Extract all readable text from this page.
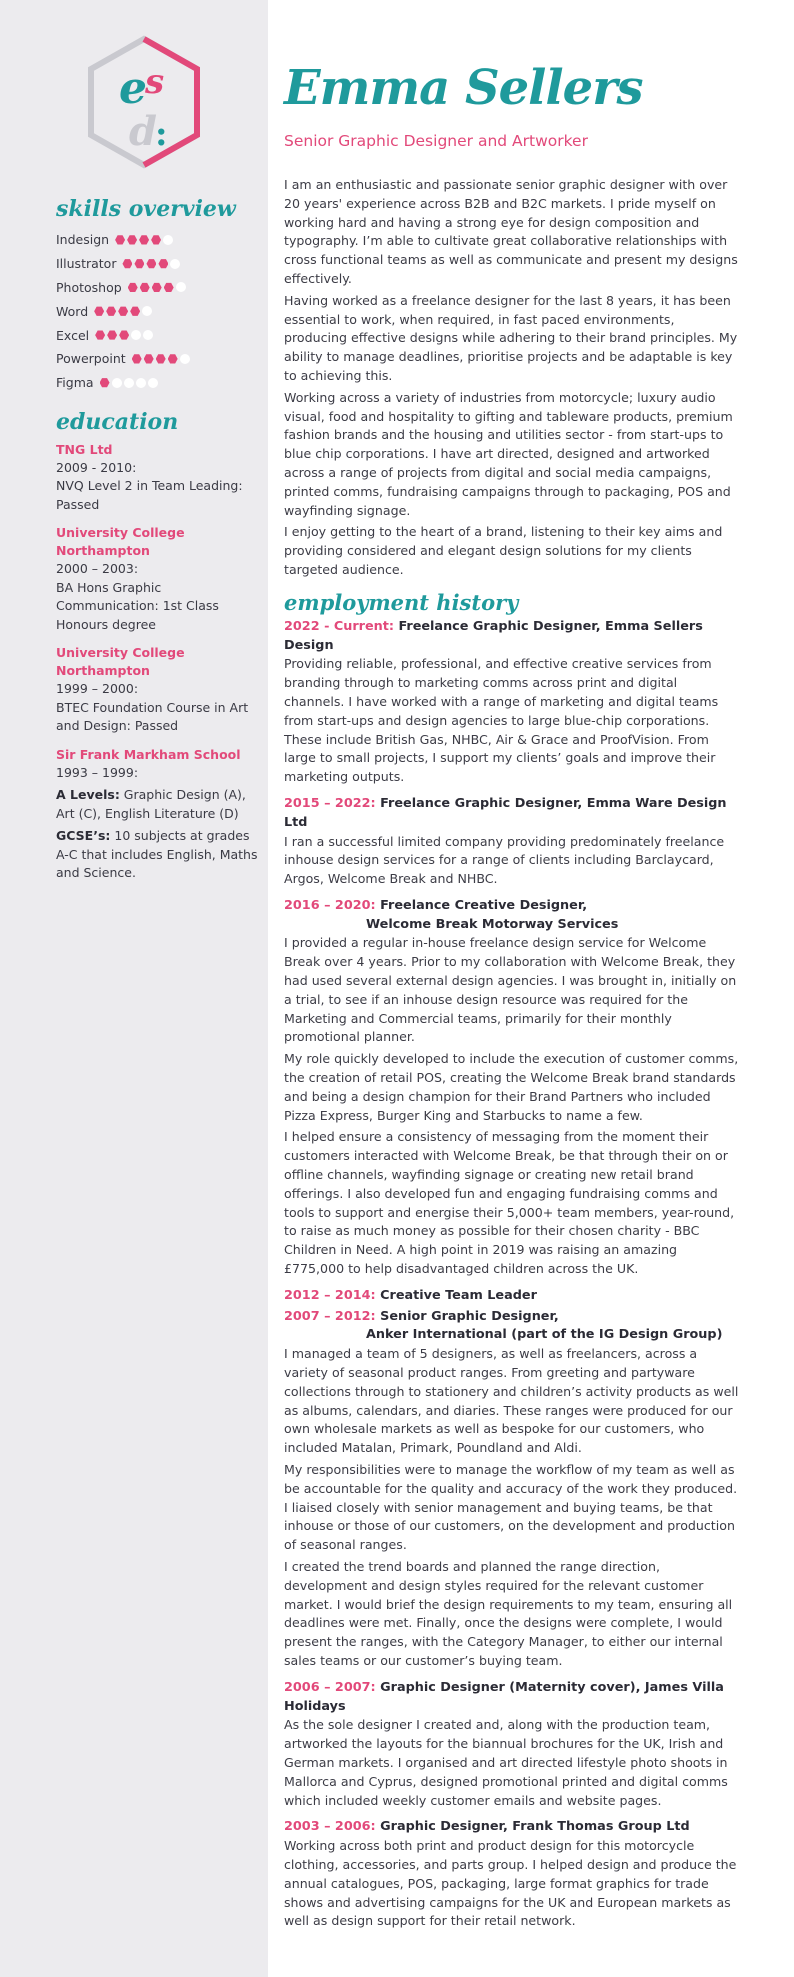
e
s
d
:
skills overview
Indesign
Illustrator
Photoshop
Word
Excel
Powerpoint
Figma
education
TNG Ltd
2009 - 2010:
NVQ Level 2 in Team Leading: Passed
University College Northampton
2000 – 2003:
BA Hons Graphic Communication: 1st Class Honours degree
University College Northampton
1999 – 2000:
BTEC Foundation Course in Art and Design: Passed
Sir Frank Markham School
1993 – 1999:
A Levels: Graphic Design (A), Art (C), English Literature (D)
GCSE’s: 10 subjects at grades A-C that includes English, Maths and Science.
Emma Sellers
Senior Graphic Designer and Artworker

I am an enthusiastic and passionate senior graphic designer with over 20 years' experience across B2B and B2C markets. I pride myself on working hard and having a strong eye for design composition and typography. I’m able to cultivate great collaborative relationships with cross functional teams as well as communicate and present my designs effectively.

Having worked as a freelance designer for the last 8 years, it has been essential to work, when required, in fast paced environments, producing effective designs while adhering to their brand principles. My ability to manage deadlines, prioritise projects and be adaptable is key to achieving this.

Working across a variety of industries from motorcycle; luxury audio visual, food and hospitality to gifting and tableware products, premium fashion brands and the housing and utilities sector - from start-ups to blue chip corporations. I have art directed, designed and artworked across a range of projects from digital and social media campaigns, printed comms, fundraising campaigns through to packaging, POS and wayfinding signage.

I enjoy getting to the heart of a brand, listening to their key aims and providing considered and elegant design solutions for my clients targeted audience.

employment history
2022 - Current: Freelance Graphic Designer, Emma Sellers Design

Providing reliable, professional, and effective creative services from branding through to marketing comms across print and digital channels. I have worked with a range of marketing and digital teams from start-ups and design agencies to large blue-chip corporations. These include British Gas, NHBC, Air & Grace and ProofVision. From large to small projects, I support my clients’ goals and improve their marketing outputs.

2015 – 2022: Freelance Graphic Designer, Emma Ware Design Ltd

I ran a successful limited company providing predominately freelance inhouse design services for a range of clients including Barclaycard, Argos, Welcome Break and NHBC.

2016 – 2020: Freelance Creative Designer,
Welcome Break Motorway Services

I provided a regular in-house freelance design service for Welcome Break over 4 years. Prior to my collaboration with Welcome Break, they had used several external design agencies. I was brought in, initially on a trial, to see if an inhouse design resource was required for the Marketing and Commercial teams, primarily for their monthly promotional planner.

My role quickly developed to include the execution of customer comms, the creation of retail POS, creating the Welcome Break brand standards and being a design champion for their Brand Partners who included Pizza Express, Burger King and Starbucks to name a few.

I helped ensure a consistency of messaging from the moment their customers interacted with Welcome Break, be that through their on or offline channels, wayfinding signage or creating new retail brand offerings. I also developed fun and engaging fundraising comms and tools to support and energise their 5,000+ team members, year-round, to raise as much money as possible for their chosen charity - BBC Children in Need. A high point in 2019 was raising an amazing £775,000 to help disadvantaged children across the UK.

2012 – 2014: Creative Team Leader
2007 – 2012: Senior Graphic Designer,
Anker International (part of the IG Design Group)

I managed a team of 5 designers, as well as freelancers, across a variety of seasonal product ranges. From greeting and partyware collections through to stationery and children’s activity products as well as albums, calendars, and diaries. These ranges were produced for our own wholesale markets as well as bespoke for our customers, who included Matalan, Primark, Poundland and Aldi.

My responsibilities were to manage the workflow of my team as well as be accountable for the quality and accuracy of the work they produced. I liaised closely with senior management and buying teams, be that inhouse or those of our customers, on the development and production of seasonal ranges.

I created the trend boards and planned the range direction, development and design styles required for the relevant customer market. I would brief the design requirements to my team, ensuring all deadlines were met. Finally, once the designs were complete, I would present the ranges, with the Category Manager, to either our internal sales teams or our customer’s buying team.

2006 – 2007: Graphic Designer (Maternity cover), James Villa Holidays

As the sole designer I created and, along with the production team, artworked the layouts for the biannual brochures for the UK, Irish and German markets. I organised and art directed lifestyle photo shoots in Mallorca and Cyprus, designed promotional printed and digital comms which included weekly customer emails and website pages.

2003 – 2006: Graphic Designer, Frank Thomas Group Ltd

Working across both print and product design for this motorcycle clothing, accessories, and parts group. I helped design and produce the annual catalogues, POS, packaging, large format graphics for trade shows and advertising campaigns for the UK and European markets as well as design support for their retail network.
